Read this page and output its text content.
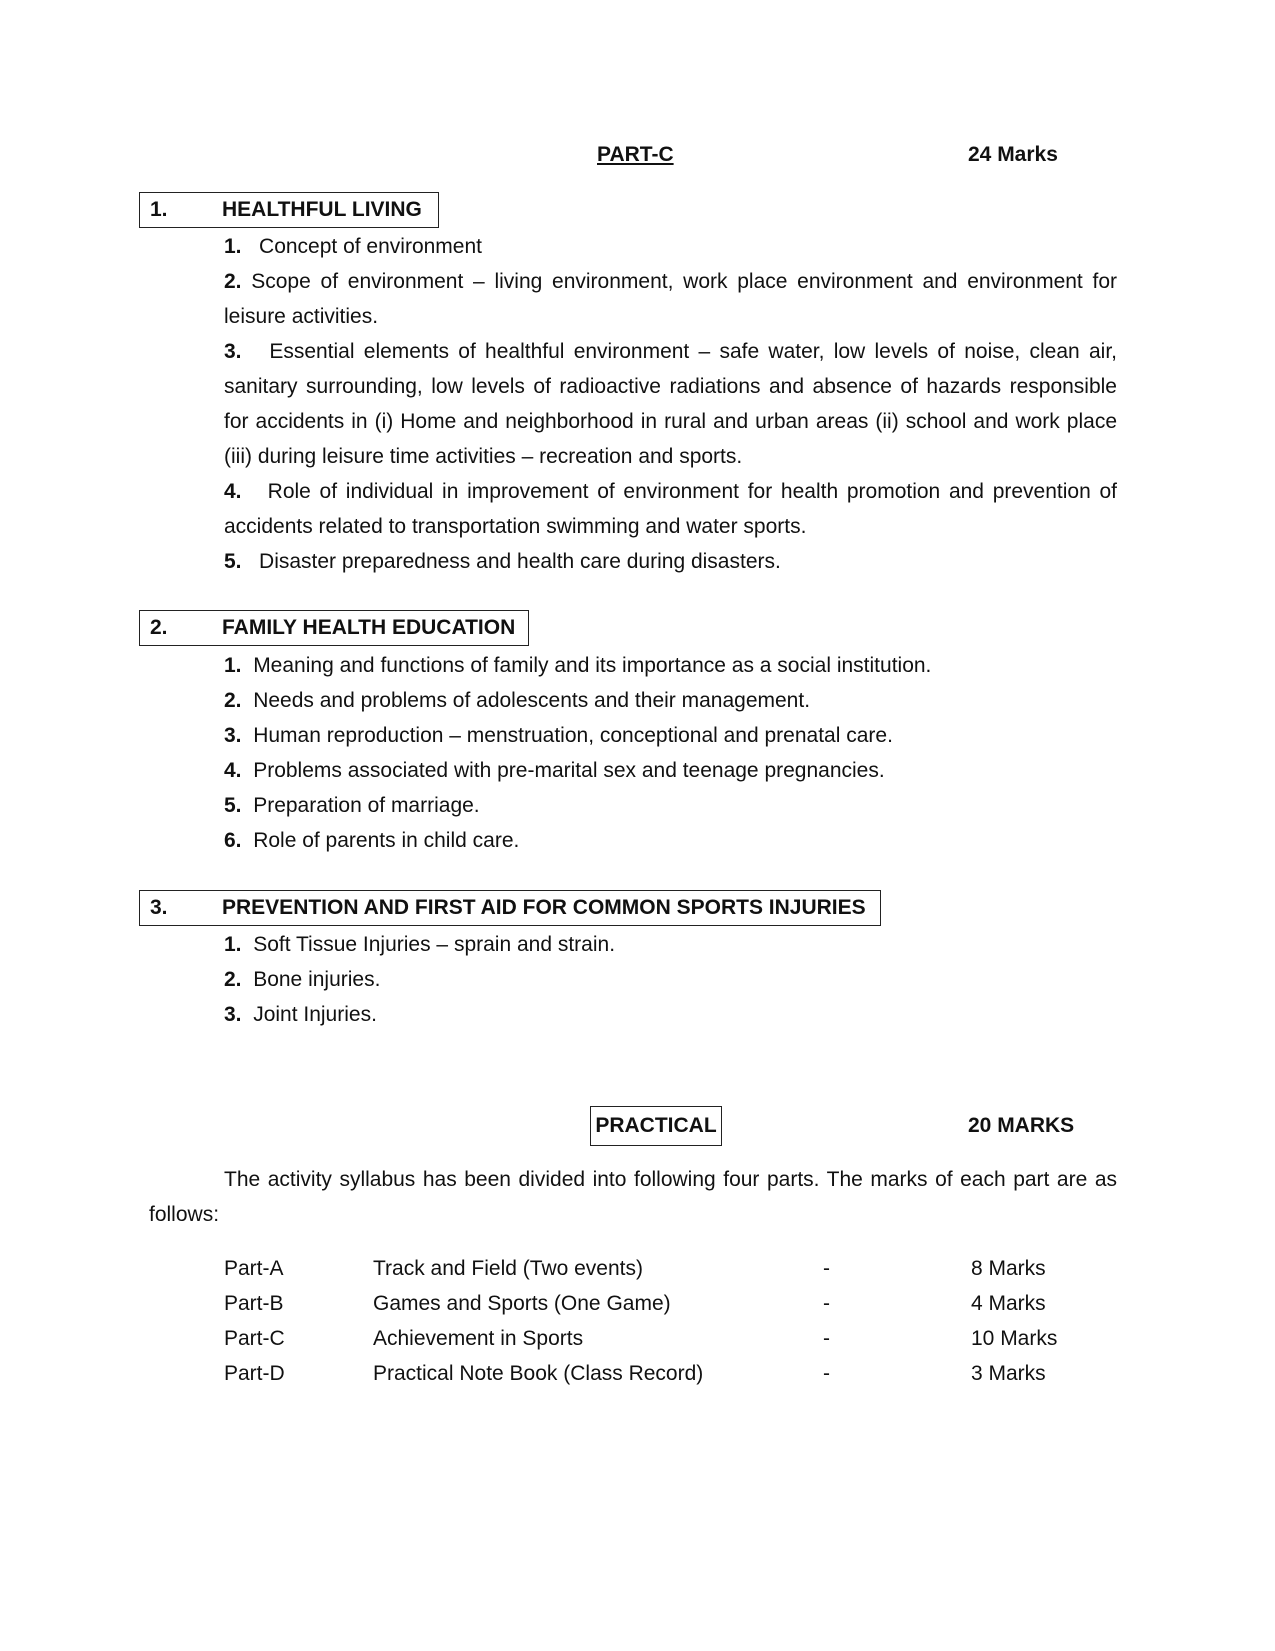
PART-C	24 Marks
1.	HEALTHFUL LIVING
1. Concept of environment
2. Scope of environment – living environment, work place environment and environment for leisure activities.
3. Essential elements of healthful environment – safe water, low levels of noise, clean air, sanitary surrounding, low levels of radioactive radiations and absence of hazards responsible for accidents in (i) Home and neighborhood in rural and urban areas (ii) school and work place (iii) during leisure time activities – recreation and sports.
4. Role of individual in improvement of environment for health promotion and prevention of accidents related to transportation swimming and water sports.
5. Disaster preparedness and health care during disasters.
2.	FAMILY HEALTH EDUCATION
1. Meaning and functions of family and its importance as a social institution.
2. Needs and problems of adolescents and their management.
3. Human reproduction – menstruation, conceptional and prenatal care.
4. Problems associated with pre-marital sex and teenage pregnancies.
5. Preparation of marriage.
6. Role of parents in child care.
3.	PREVENTION AND FIRST AID FOR COMMON SPORTS INJURIES
1. Soft Tissue Injuries – sprain and strain.
2. Bone injuries.
3. Joint Injuries.
PRACTICAL	20 MARKS
The activity syllabus has been divided into following four parts. The marks of each part are as follows:
Part-A	Track and Field (Two events)	-	8 Marks
Part-B	Games and Sports (One Game)	-	4 Marks
Part-C	Achievement in Sports	-	10 Marks
Part-D	Practical Note Book (Class Record)	-	3 Marks
